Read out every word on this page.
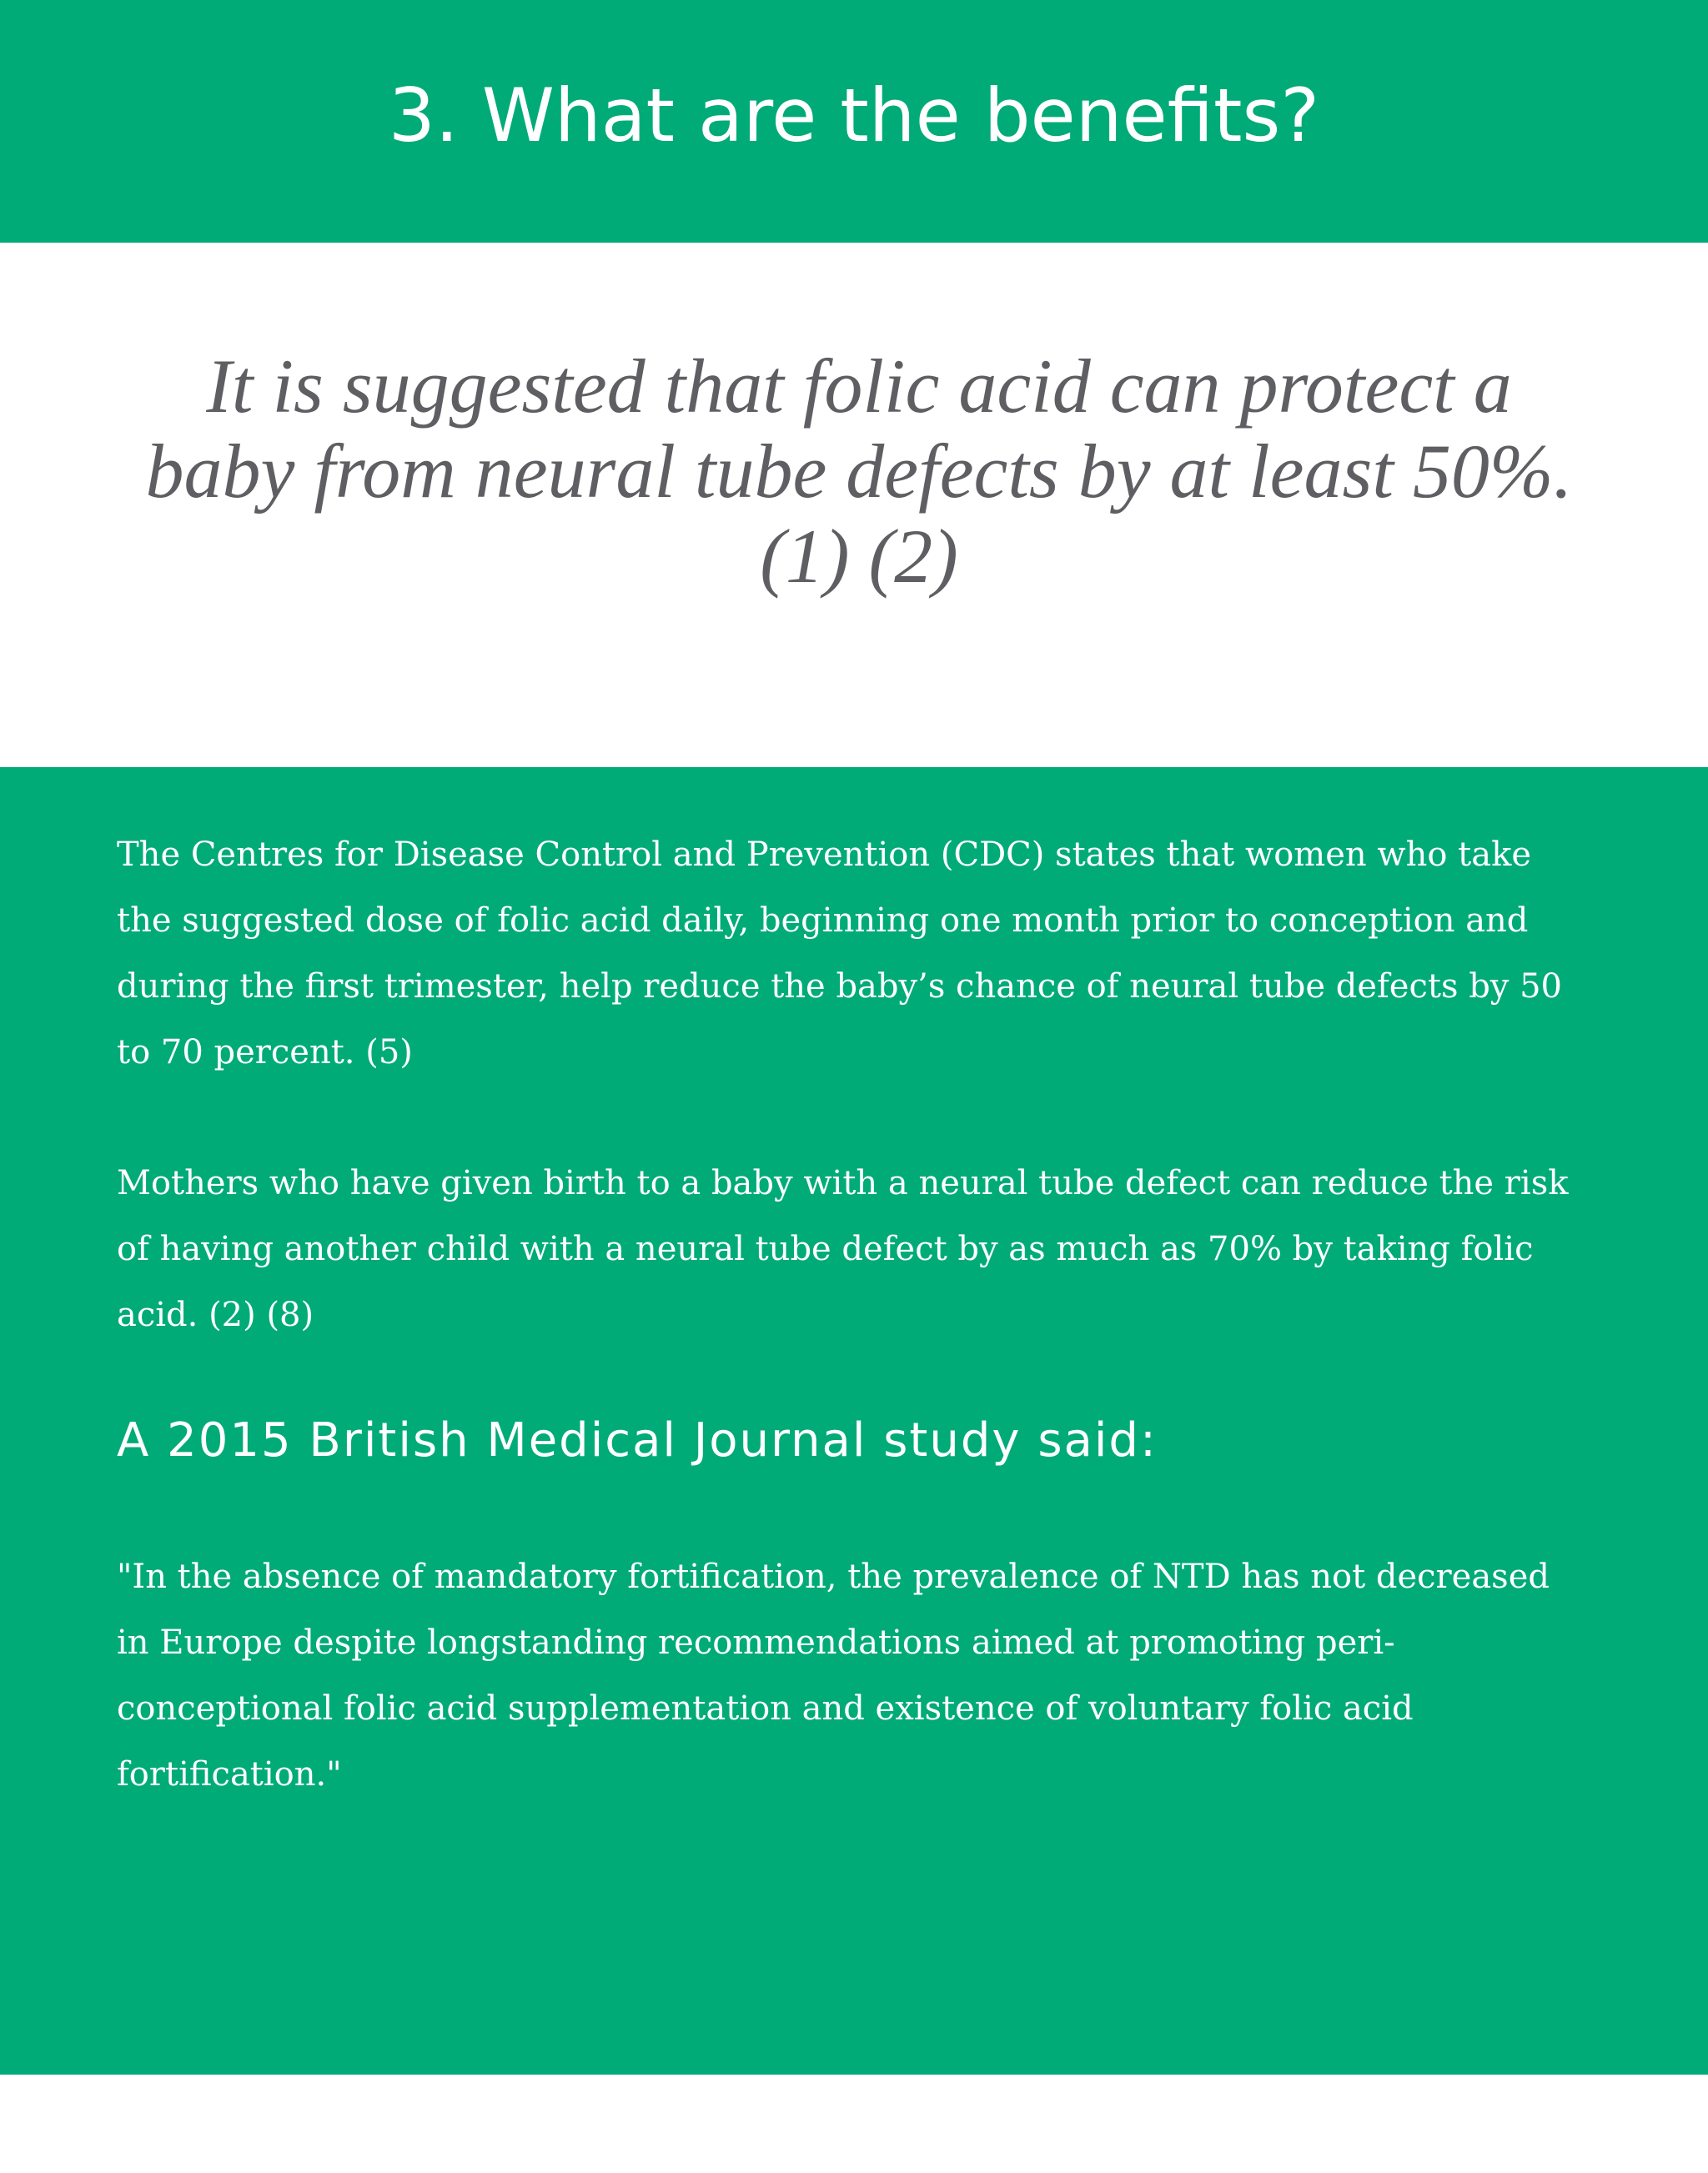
3. What are the benefits?

It is suggested that folic acid can protect a baby from neural tube defects by at least 50%. (1) (2)

The Centres for Disease Control and Prevention (CDC) states that women who take the suggested dose of folic acid daily, beginning one month prior to conception and during the first trimester, help reduce the baby’s chance of neural tube defects by 50 to 70 percent. (5)

Mothers who have given birth to a baby with a neural tube defect can reduce the risk of having another child with a neural tube defect by as much as 70% by taking folic acid. (2) (8)

A 2015 British Medical Journal study said:

"In the absence of mandatory fortification, the prevalence of NTD has not decreased in Europe despite longstanding recommendations aimed at promoting peri-conceptional folic acid supplementation and existence of voluntary folic acid fortification."
